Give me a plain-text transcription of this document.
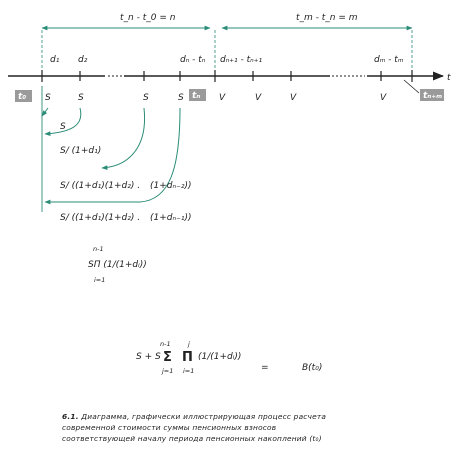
t_n - t_0 = n	t_m - t_n = m
d₁ d₂	dₙ - tₙ dₙ₊₁ - tₙ₊₁	dₘ - tₘ
t
t₀	tₙ	tₙ₊ₘ
S	S	S	S	V	V	V	V
S
S/ (1+d₁)
S/ ((1+d₁)(1+d₂) . (1+dₙ₋₂))
S/ ((1+d₁)(1+d₂) . (1+dₙ₋₁))
n-1
SΠ (1/(1+dᵢ))
i=1
n-1	j
S + S Σ Π (1/(1+dᵢ))
j=1 i=1	=	B(t₀)
6.1. Диаграмма, графически иллюстрирующая процесс расчета
современной стоимости суммы пенсионных взносов
соответствующей началу периода пенсионных накоплений (t₀)
